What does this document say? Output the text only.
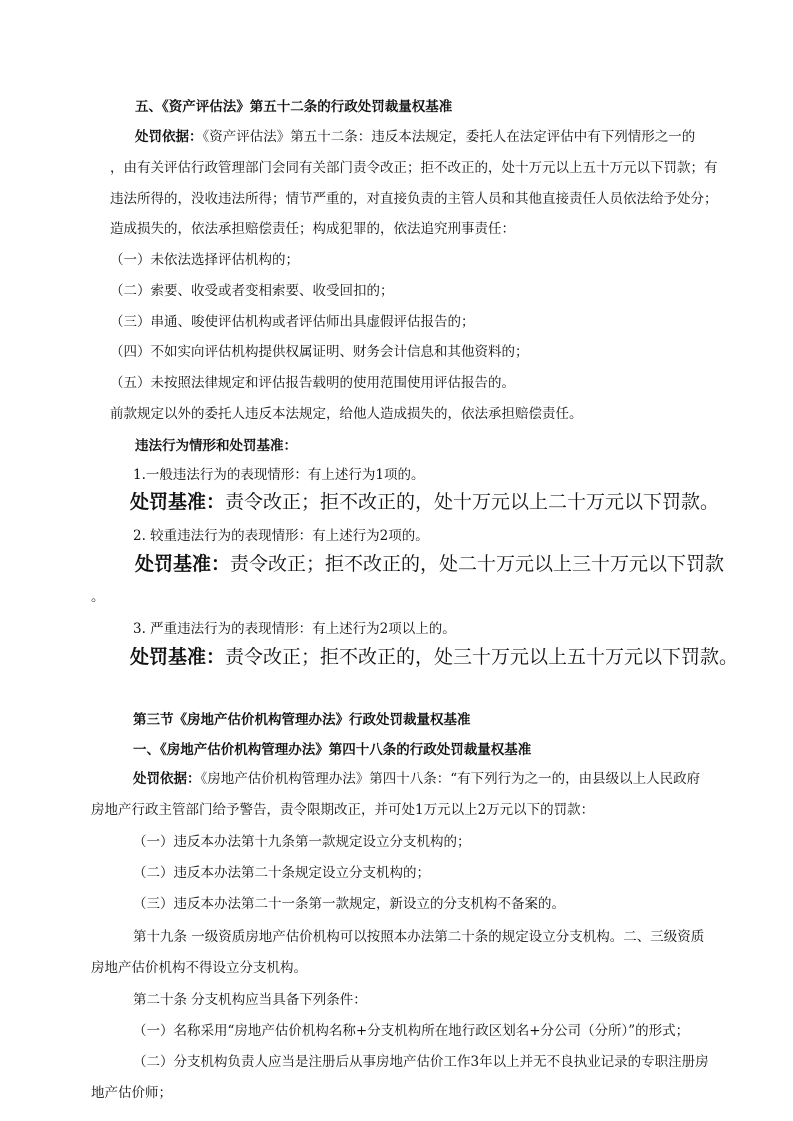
五、《资产评估法》第五十二条的行政处罚裁量权基准
处罚依据：《资产评估法》第五十二条：违反本法规定，委托人在法定评估中有下列情形之一的
，由有关评估行政管理部门会同有关部门责令改正；拒不改正的，处十万元以上五十万元以下罚款；有
违法所得的，没收违法所得；情节严重的，对直接负责的主管人员和其他直接责任人员依法给予处分；
造成损失的，依法承担赔偿责任；构成犯罪的，依法追究刑事责任：
（一）未依法选择评估机构的；
（二）索要、收受或者变相索要、收受回扣的；
（三）串通、唆使评估机构或者评估师出具虚假评估报告的；
（四）不如实向评估机构提供权属证明、财务会计信息和其他资料的；
（五）未按照法律规定和评估报告载明的使用范围使用评估报告的。
前款规定以外的委托人违反本法规定，给他人造成损失的，依法承担赔偿责任。
违法行为情形和处罚基准：
1.一般违法行为的表现情形：有上述行为1项的。
处罚基准：责令改正；拒不改正的，处十万元以上二十万元以下罚款。
2. 较重违法行为的表现情形：有上述行为2项的。
处罚基准：责令改正；拒不改正的，处二十万元以上三十万元以下罚款
。
3. 严重违法行为的表现情形：有上述行为2项以上的。
处罚基准：责令改正；拒不改正的，处三十万元以上五十万元以下罚款。
第三节《房地产估价机构管理办法》行政处罚裁量权基准
一、《房地产估价机构管理办法》第四十八条的行政处罚裁量权基准
处罚依据：《房地产估价机构管理办法》第四十八条：“有下列行为之一的，由县级以上人民政府
房地产行政主管部门给予警告，责令限期改正，并可处1万元以上2万元以下的罚款：
（一）违反本办法第十九条第一款规定设立分支机构的；
（二）违反本办法第二十条规定设立分支机构的；
（三）违反本办法第二十一条第一款规定，新设立的分支机构不备案的。
第十九条 一级资质房地产估价机构可以按照本办法第二十条的规定设立分支机构。二、三级资质
房地产估价机构不得设立分支机构。
第二十条 分支机构应当具备下列条件：
（一）名称采用“房地产估价机构名称+分支机构所在地行政区划名+分公司（分所）”的形式；
（二）分支机构负责人应当是注册后从事房地产估价工作3年以上并无不良执业记录的专职注册房
地产估价师；
